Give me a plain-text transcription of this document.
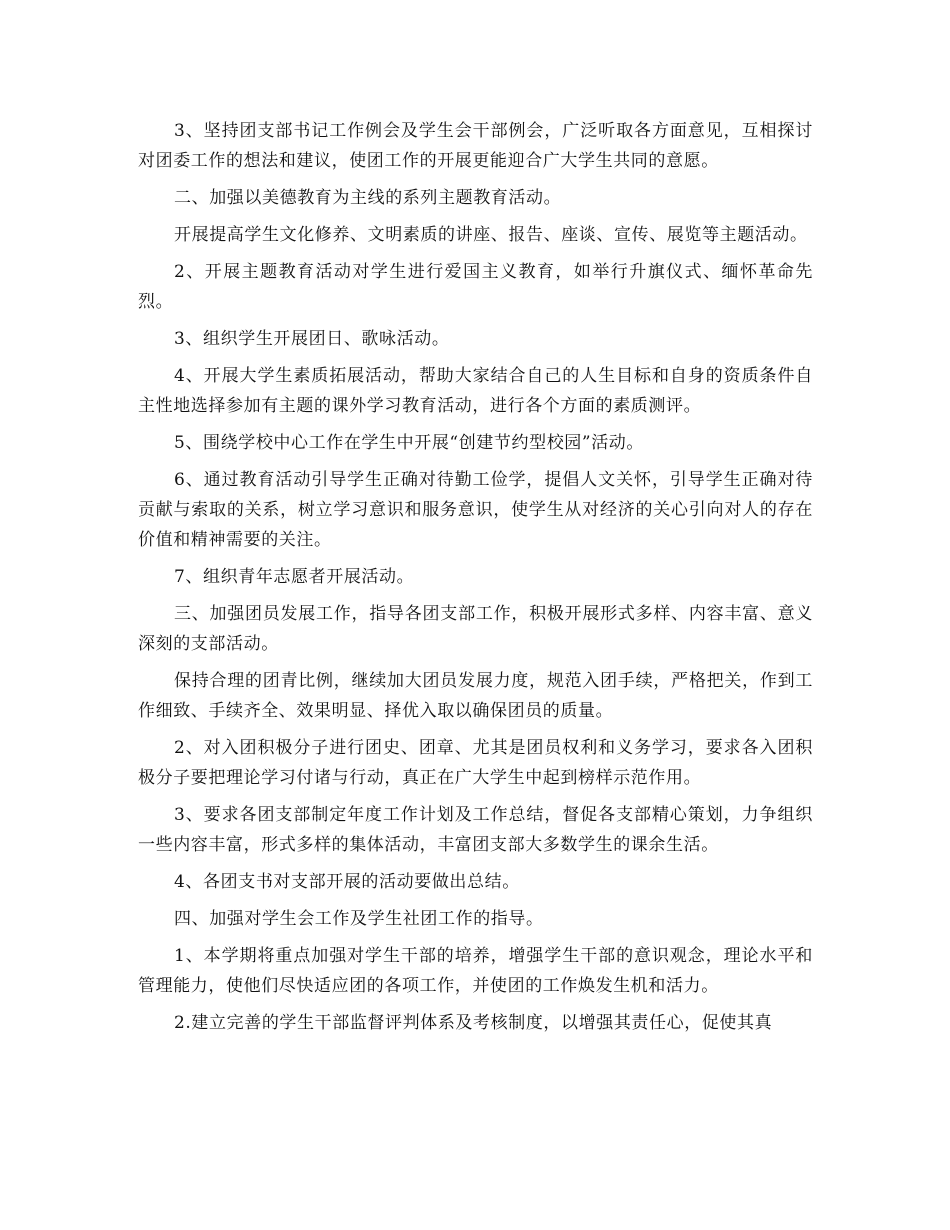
3、坚持团支部书记工作例会及学生会干部例会，广泛听取各方面意见，互相探讨对团委工作的想法和建议，使团工作的开展更能迎合广大学生共同的意愿。

二、加强以美德教育为主线的系列主题教育活动。

开展提高学生文化修养、文明素质的讲座、报告、座谈、宣传、展览等主题活动。

2、开展主题教育活动对学生进行爱国主义教育，如举行升旗仪式、缅怀革命先烈。

3、组织学生开展团日、歌咏活动。

4、开展大学生素质拓展活动，帮助大家结合自己的人生目标和自身的资质条件自主性地选择参加有主题的课外学习教育活动，进行各个方面的素质测评。

5、围绕学校中心工作在学生中开展“创建节约型校园”活动。

6、通过教育活动引导学生正确对待勤工俭学，提倡人文关怀，引导学生正确对待贡献与索取的关系，树立学习意识和服务意识，使学生从对经济的关心引向对人的存在价值和精神需要的关注。

7、组织青年志愿者开展活动。

三、加强团员发展工作，指导各团支部工作，积极开展形式多样、内容丰富、意义深刻的支部活动。

保持合理的团青比例，继续加大团员发展力度，规范入团手续，严格把关，作到工作细致、手续齐全、效果明显、择优入取以确保团员的质量。

2、对入团积极分子进行团史、团章、尤其是团员权利和义务学习，要求各入团积极分子要把理论学习付诸与行动，真正在广大学生中起到榜样示范作用。

3、要求各团支部制定年度工作计划及工作总结，督促各支部精心策划，力争组织一些内容丰富，形式多样的集体活动，丰富团支部大多数学生的课余生活。

4、各团支书对支部开展的活动要做出总结。

四、加强对学生会工作及学生社团工作的指导。

1、本学期将重点加强对学生干部的培养，增强学生干部的意识观念，理论水平和管理能力，使他们尽快适应团的各项工作，并使团的工作焕发生机和活力。

2.建立完善的学生干部监督评判体系及考核制度，以增强其责任心，促使其真
